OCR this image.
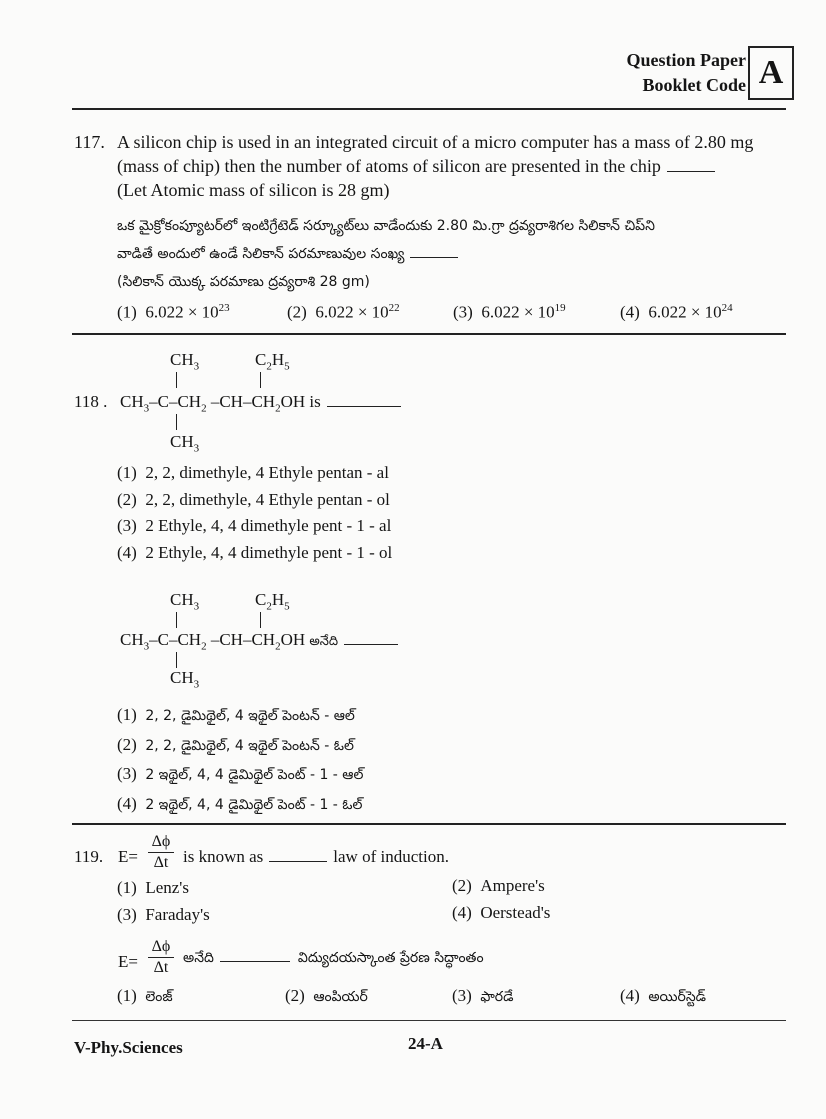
Question Paper
Booklet Code A
117. A silicon chip is used in an integrated circuit of a micro computer has a mass of 2.80 mg
(mass of chip) then the number of atoms of silicon are presented in the chip
(Let Atomic mass of silicon is 28 gm)
ఒక మైక్రోకంప్యూటర్‌లో ఇంటిగ్రేటెడ్ సర్క్యూట్‌లు వాడేందుకు 2.80 మి.గ్రా ద్రవ్యరాశిగల సిలికాన్ చిప్‌ని
వాడితే అందులో ఉండే సిలికాన్ పరమాణువుల సంఖ్య
(సిలికాన్ యొక్క పరమాణు ద్రవ్యరాశి 28 gm)
(1) $6.022 \times 10^{23}$	(2) $6.022 \times 10^{22}$	(3) $6.022 \times 10^{19}$	(4) $6.022 \times 10^{24}$
$CH_3$	$C_2H_5$
118 . $CH_3-C-CH_2$ $-CH-CH_2OH$ is
$CH_3$
(1) 2, 2, dimethyle, 4 Ethyle pentan - al
(2) 2, 2, dimethyle, 4 Ethyle pentan - ol
(3) 2 Ethyle, 4, 4 dimethyle pent - 1 - al
(4) 2 Ethyle, 4, 4 dimethyle pent - 1 - ol
$CH_3$	$C_2H_5$
$CH_3-C-CH_2$ $-CH-CH_2OH$ అనేది
$CH_3$
(1) 2, 2, డైమిథైల్, 4 ఇథైల్ పెంటన్ - ఆల్
(2) 2, 2, డైమిథైల్, 4 ఇథైల్ పెంటన్ - ఓల్
(3) 2 ఇథైల్, 4, 4 డైమిథైల్ పెంట్ - 1 - ఆల్
(4) 2 ఇథైల్, 4, 4 డైమిథైల్ పెంట్ - 1 - ఓల్
119. E=
Δϕ
Δt is known as	law of induction.
(1) Lenz's	(2) Ampere's
(3) Faraday's	(4) Oerstead's
E=
Δϕ
Δt
అనేది	విద్యుదయస్కాంత ప్రేరణ సిద్ధాంతం
(1) లెంజ్	(2) ఆంపియర్	(3) ఫారడే	(4) అయిర్‌స్టెడ్
V-Phy.Sciences	24-A
